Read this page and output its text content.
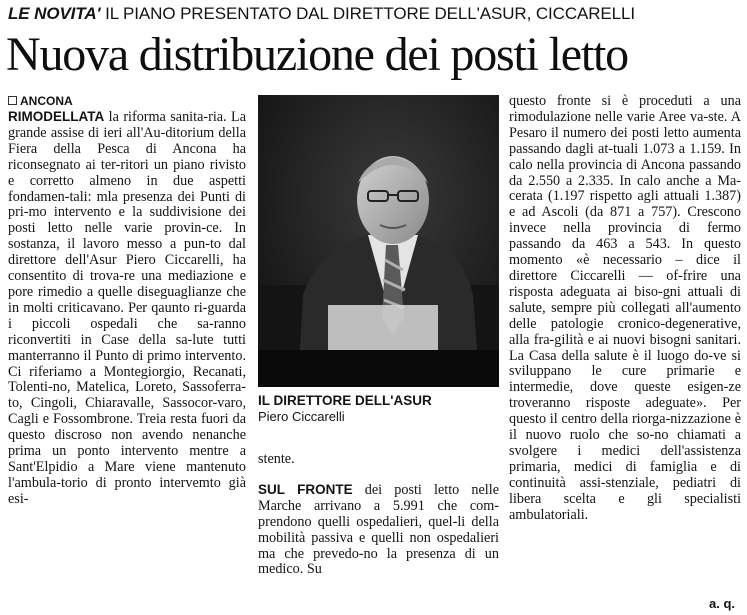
LE NOVITA' IL PIANO PRESENTATO DAL DIRETTORE DELL'ASUR, CICCARELLI
Nuova distribuzione dei posti letto
ANCONA
RIMODELLATA la riforma sanita-ria. La grande assise di ieri all'Au-ditorium della Fiera della Pesca di Ancona ha riconsegnato ai ter-ritori un piano rivisto e corretto almeno in due aspetti fondamen-tali: mla presenza dei Punti di pri-mo intervento e la suddivisione dei posti letto nelle varie provin-ce. In sostanza, il lavoro messo a pun-to dal direttore dell'Asur Piero Ciccarelli, ha consentito di trova-re una mediazione e pore rimedio a quelle diseguaglianze che in molti criticavano. Per qaunto ri-guarda i piccoli ospedali che sa-ranno riconvertiti in Case della sa-lute tutti manterranno il Punto di primo intervento. Ci riferiamo a Montegiorgio, Recanati, Tolenti-no, Matelica, Loreto, Sassoferra-to, Cingoli, Chiaravalle, Sassocor-varo, Cagli e Fossombrone. Treia resta fuori da questo discroso non avendo nenanche prima un ponto intervento mentre a Sant'Elpidio a Mare viene mantenuto l'ambula-torio di pronto intervemto già esi-
IL DIRETTORE DELL'ASUR
Piero Ciccarelli

stente.

SUL FRONTE dei posti letto nelle Marche arrivano a 5.991 che com-prendono quelli ospedalieri, quel-li della mobilità passiva e quelli non ospedalieri ma che prevedo-no la presenza di un medico. Su
questo fronte si è proceduti a una rimodulazione nelle varie Aree va-ste. A Pesaro il numero dei posti letto aumenta passando dagli at-tuali 1.073 a 1.159. In calo nella provincia di Ancona passando da 2.550 a 2.335. In calo anche a Ma-cerata (1.197 rispetto agli attuali 1.387) e ad Ascoli (da 871 a 757). Crescono invece nella provincia di fermo passando da 463 a 543. In questo momento «è necessario – dice il direttore Ciccarelli — of-frire una risposta adeguata ai biso-gni attuali di salute, sempre più collegati all'aumento delle patologie cronico-degenerative, alla fra-gilità e ai nuovi bisogni sanitari. La Casa della salute è il luogo do-ve si sviluppano le cure primarie e intermedie, dove queste esigen-ze troveranno risposte adeguate». Per questo il centro della riorga-nizzazione è il nuovo ruolo che so-no chiamati a svolgere i medici dell'assistenza primaria, medici di famiglia e di continuità assi-stenziale, pediatri di libera scelta e gli specialisti ambulatoriali.
a. q.
